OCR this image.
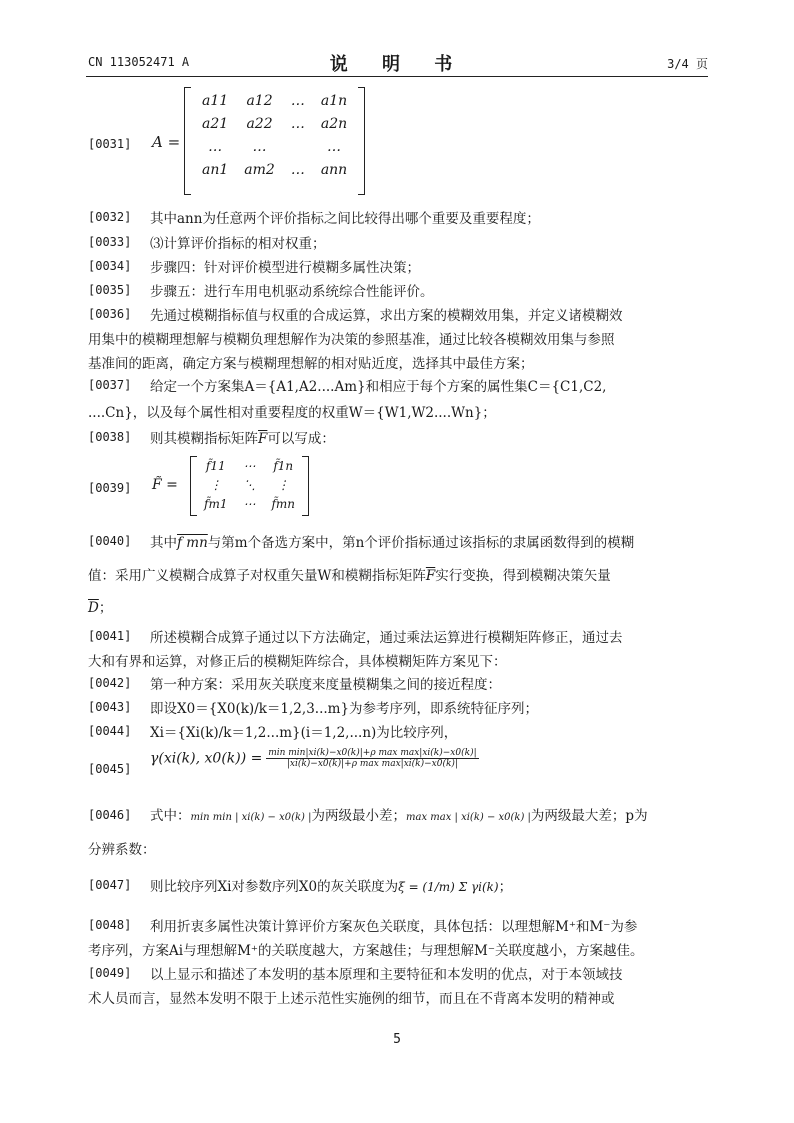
CN 113052471 A	说 明 书	3/4 页
[0031] A =
a11	a12	…	a1n
a21	a22	…	a2n
…	…		…
an1	am2	…	ann
[0032] 其中ann为任意两个评价指标之间比较得出哪个重要及重要程度；
[0033] ⑶计算评价指标的相对权重；
[0034] 步骤四：针对评价模型进行模糊多属性决策；
[0035] 步骤五：进行车用电机驱动系统综合性能评价。
[0036] 先通过模糊指标值与权重的合成运算，求出方案的模糊效用集，并定义诸模糊效
用集中的模糊理想解与模糊负理想解作为决策的参照基准，通过比较各模糊效用集与参照
基准间的距离，确定方案与模糊理想解的相对贴近度，选择其中最佳方案；
[0037] 给定一个方案集A＝{A1,A2....Am}和相应于每个方案的属性集C＝{C1,C2,
....Cn}，以及每个属性相对重要程度的权重W＝{W1,W2....Wn}；
[0038] 则其模糊指标矩阵$\overline{F}$可以写成：
[0039] F̃ =
f̃11	⋯	f̃1n
⋮	⋱	⋮
f̃m1	⋯	f̃mn
[0040] 其中f mn与第m个备选方案中，第n个评价指标通过该指标的隶属函数得到的模糊
值：采用广义模糊合成算子对权重矢量W和模糊指标矩阵$\overline{F}$实行变换，得到模糊决策矢量
$\overline{D}$；
[0041] 所述模糊合成算子通过以下方法确定，通过乘法运算进行模糊矩阵修正，通过去
大和有界和运算，对修正后的模糊矩阵综合，具体模糊矩阵方案见下：
[0042] 第一种方案：采用灰关联度来度量模糊集之间的接近程度：
[0043] 即设X0＝{X0(k)/k＝1,2,3...m}为参考序列，即系统特征序列；
[0044] Xi＝{Xi(k)/k＝1,2...m}(i＝1,2,...n)为比较序列，
[0045]
γ(xi(k), $x0(k)) = \frac{\text{min min|xi(k)−x0(k)|+ρ max max|xi(k)−x0(k)|}}{\text{|xi(k)−x0(k)|+ρ max max|xi(k)−x0(k)|}}$
[0046] 式中：min min | xi(k) − x0(k) |为两级最小差；max max | xi(k) − x0(k) |为两级最大差；p为
分辨系数：
[0047] 则比较序列Xi对参数序列X0的灰关联度为ξ = (1/m) Σ γi(k)；
[0048] 利用折衷多属性决策计算评价方案灰色关联度，具体包括：以理想解M⁺和M⁻为参
考序列，方案Ai与理想解M⁺的关联度越大，方案越佳；与理想解M⁻关联度越小，方案越佳。
[0049] 以上显示和描述了本发明的基本原理和主要特征和本发明的优点，对于本领域技
术人员而言，显然本发明不限于上述示范性实施例的细节，而且在不背离本发明的精神或
5
